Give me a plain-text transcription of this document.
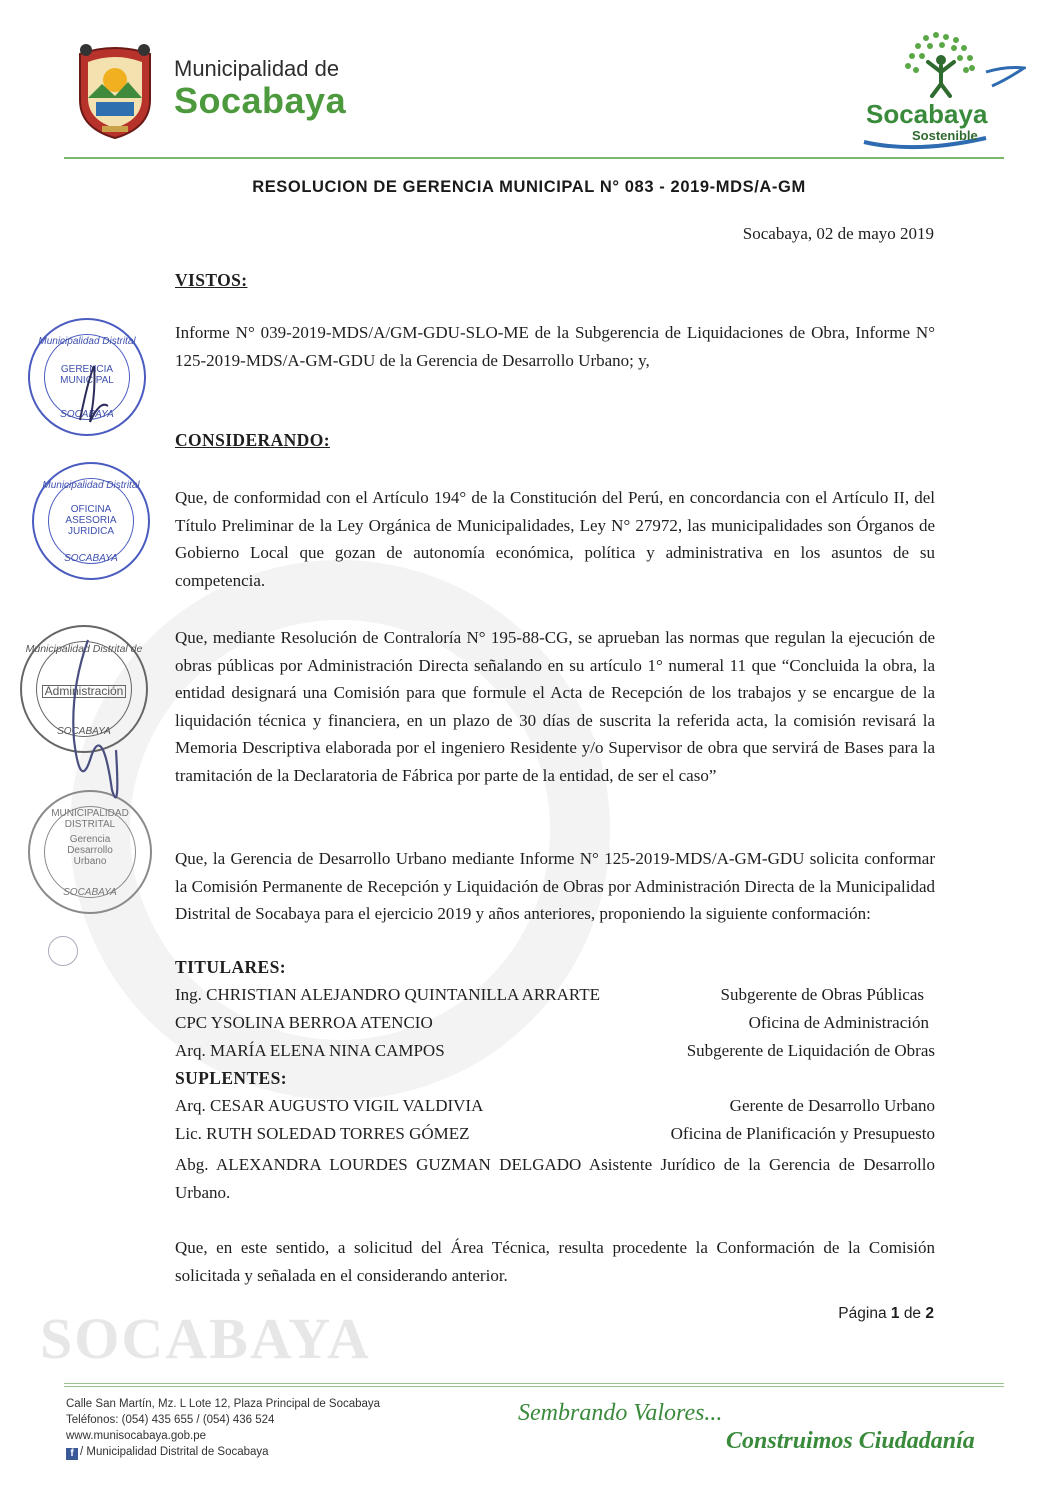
SOCABAYA
Municipalidad de
Socabaya	Socabaya
Sostenible
RESOLUCION DE GERENCIA MUNICIPAL N° 083 - 2019-MDS/A-GM
Socabaya, 02 de mayo 2019
VISTOS:

Informe N° 039-2019-MDS/A/GM-GDU-SLO-ME de la Subgerencia de Liquidaciones de Obra, Informe N° 125-2019-MDS/A-GM-GDU de la Gerencia de Desarrollo Urbano; y,

CONSIDERANDO:

Que, de conformidad con el Artículo 194° de la Constitución del Perú, en concordancia con el Artículo II, del Título Preliminar de la Ley Orgánica de Municipalidades, Ley N° 27972, las municipalidades son Órganos de Gobierno Local que gozan de autonomía económica, política y administrativa en los asuntos de su competencia.

Que, mediante Resolución de Contraloría N° 195-88-CG, se aprueban las normas que regulan la ejecución de obras públicas por Administración Directa señalando en su artículo 1° numeral 11 que “Concluida la obra, la entidad designará una Comisión para que formule el Acta de Recepción de los trabajos y se encargue de la liquidación técnica y financiera, en un plazo de 30 días de suscrita la referida acta, la comisión revisará la Memoria Descriptiva elaborada por el ingeniero Residente y/o Supervisor de obra que servirá de Bases para la tramitación de la Declaratoria de Fábrica por parte de la entidad, de ser el caso”

Que, la Gerencia de Desarrollo Urbano mediante Informe N° 125-2019-MDS/A-GM-GDU solicita conformar la Comisión Permanente de Recepción y Liquidación de Obras por Administración Directa de la Municipalidad Distrital de Socabaya para el ejercicio 2019 y años anteriores, proponiendo la siguiente conformación:

TITULARES:
Ing. CHRISTIAN ALEJANDRO QUINTANILLA ARRARTE	Subgerente de Obras Públicas
CPC YSOLINA BERROA ATENCIO	Oficina de Administración
Arq. MARÍA ELENA NINA CAMPOS	Subgerente de Liquidación de Obras
SUPLENTES:
Arq. CESAR AUGUSTO VIGIL VALDIVIA	Gerente de Desarrollo Urbano
Lic. RUTH SOLEDAD TORRES GÓMEZ	Oficina de Planificación y Presupuesto

Abg. ALEXANDRA LOURDES GUZMAN DELGADO Asistente Jurídico de la Gerencia de Desarrollo Urbano.

Que, en este sentido, a solicitud del Área Técnica, resulta procedente la Conformación de la Comisión solicitada y señalada en el considerando anterior.

Página 1 de 2
Municipalidad Distrital
GERENCIA MUNICIPAL
SOCABAYA
Municipalidad Distrital
OFICINA ASESORIA JURIDICA
SOCABAYA
Municipalidad Distrital de
Administración
SOCABAYA
MUNICIPALIDAD DISTRITAL
Gerencia Desarrollo Urbano
SOCABAYA
Calle San Martín, Mz. L Lote 12, Plaza Principal de Socabaya
Teléfonos: (054) 435 655 / (054) 436 524
www.munisocabaya.gob.pe
f / Municipalidad Distrital de Socabaya
Sembrando Valores...
Construimos Ciudadanía
